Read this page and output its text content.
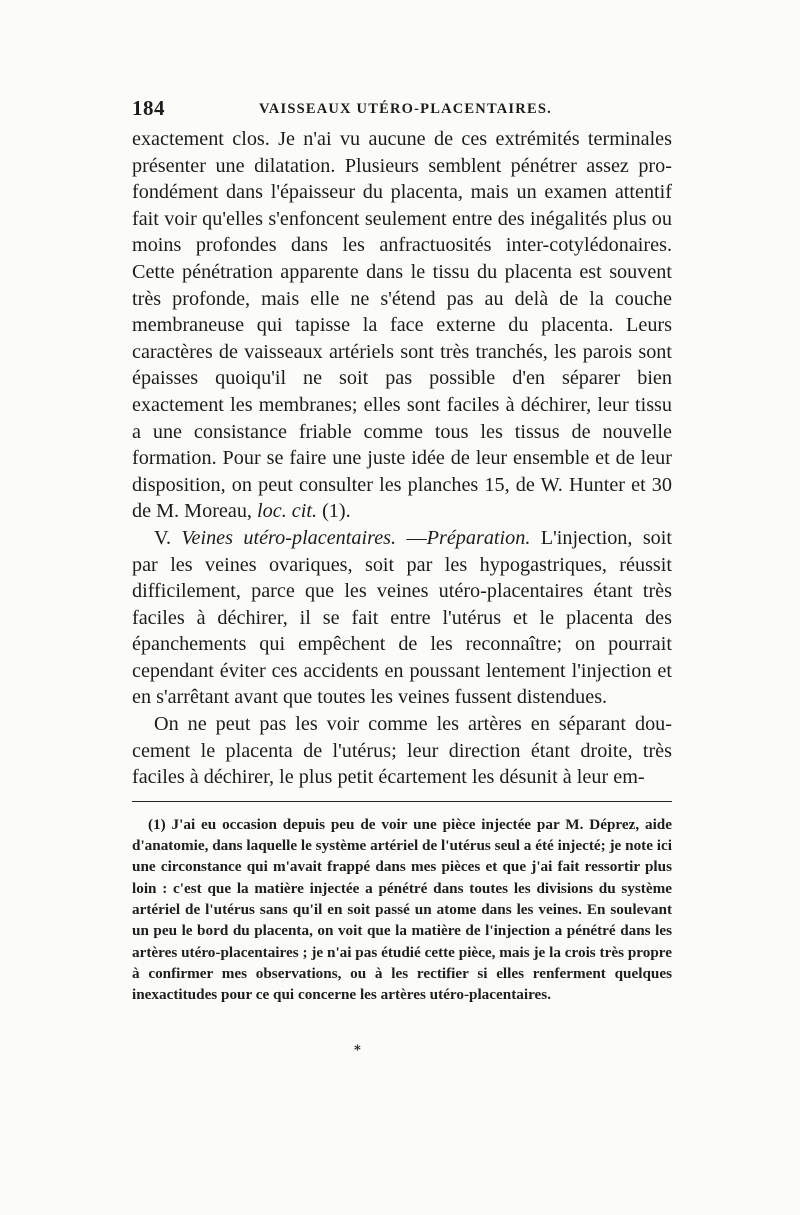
184	VAISSEAUX UTÉRO-PLACENTAIRES.

exactement clos. Je n'ai vu aucune de ces extrémités terminales présenter une dilatation. Plusieurs semblent pénétrer assez profondément dans l'épaisseur du placenta, mais un examen attentif fait voir qu'elles s'enfoncent seulement entre des inégalités plus ou moins profondes dans les anfractuosités inter-cotylédonaires. Cette pénétration apparente dans le tissu du placenta est souvent très profonde, mais elle ne s'étend pas au delà de la couche membraneuse qui tapisse la face externe du placenta. Leurs caractères de vaisseaux artériels sont très tranchés, les parois sont épaisses quoiqu'il ne soit pas possible d'en séparer bien exactement les membranes; elles sont faciles à déchirer, leur tissu a une consistance friable comme tous les tissus de nouvelle formation. Pour se faire une juste idée de leur ensemble et de leur disposition, on peut consulter les planches 15, de W. Hunter et 30 de M. Moreau, loc. cit. (1).

V. Veines utéro-placentaires. —Préparation. L'injection, soit par les veines ovariques, soit par les hypogastriques, réussit difficilement, parce que les veines utéro-placentaires étant très faciles à déchirer, il se fait entre l'utérus et le placenta des épanchements qui empêchent de les reconnaître; on pourrait cependant éviter ces accidents en poussant lentement l'injection et en s'arrêtant avant que toutes les veines fussent distendues.

On ne peut pas les voir comme les artères en séparant doucement le placenta de l'utérus; leur direction étant droite, très faciles à déchirer, le plus petit écartement les désunit à leur em-

(1) J'ai eu occasion depuis peu de voir une pièce injectée par M. Déprez, aide d'anatomie, dans laquelle le système artériel de l'utérus seul a été injecté; je note ici une circonstance qui m'avait frappé dans mes pièces et que j'ai fait ressortir plus loin : c'est que la matière injectée a pénétré dans toutes les divisions du système artériel de l'utérus sans qu'il en soit passé un atome dans les veines. En soulevant un peu le bord du placenta, on voit que la matière de l'injection a pénétré dans les artères utéro-placentaires ; je n'ai pas étudié cette pièce, mais je la crois très propre à confirmer mes observations, ou à les rectifier si elles renferment quelques inexactitudes pour ce qui concerne les artères utéro-placentaires.

*
